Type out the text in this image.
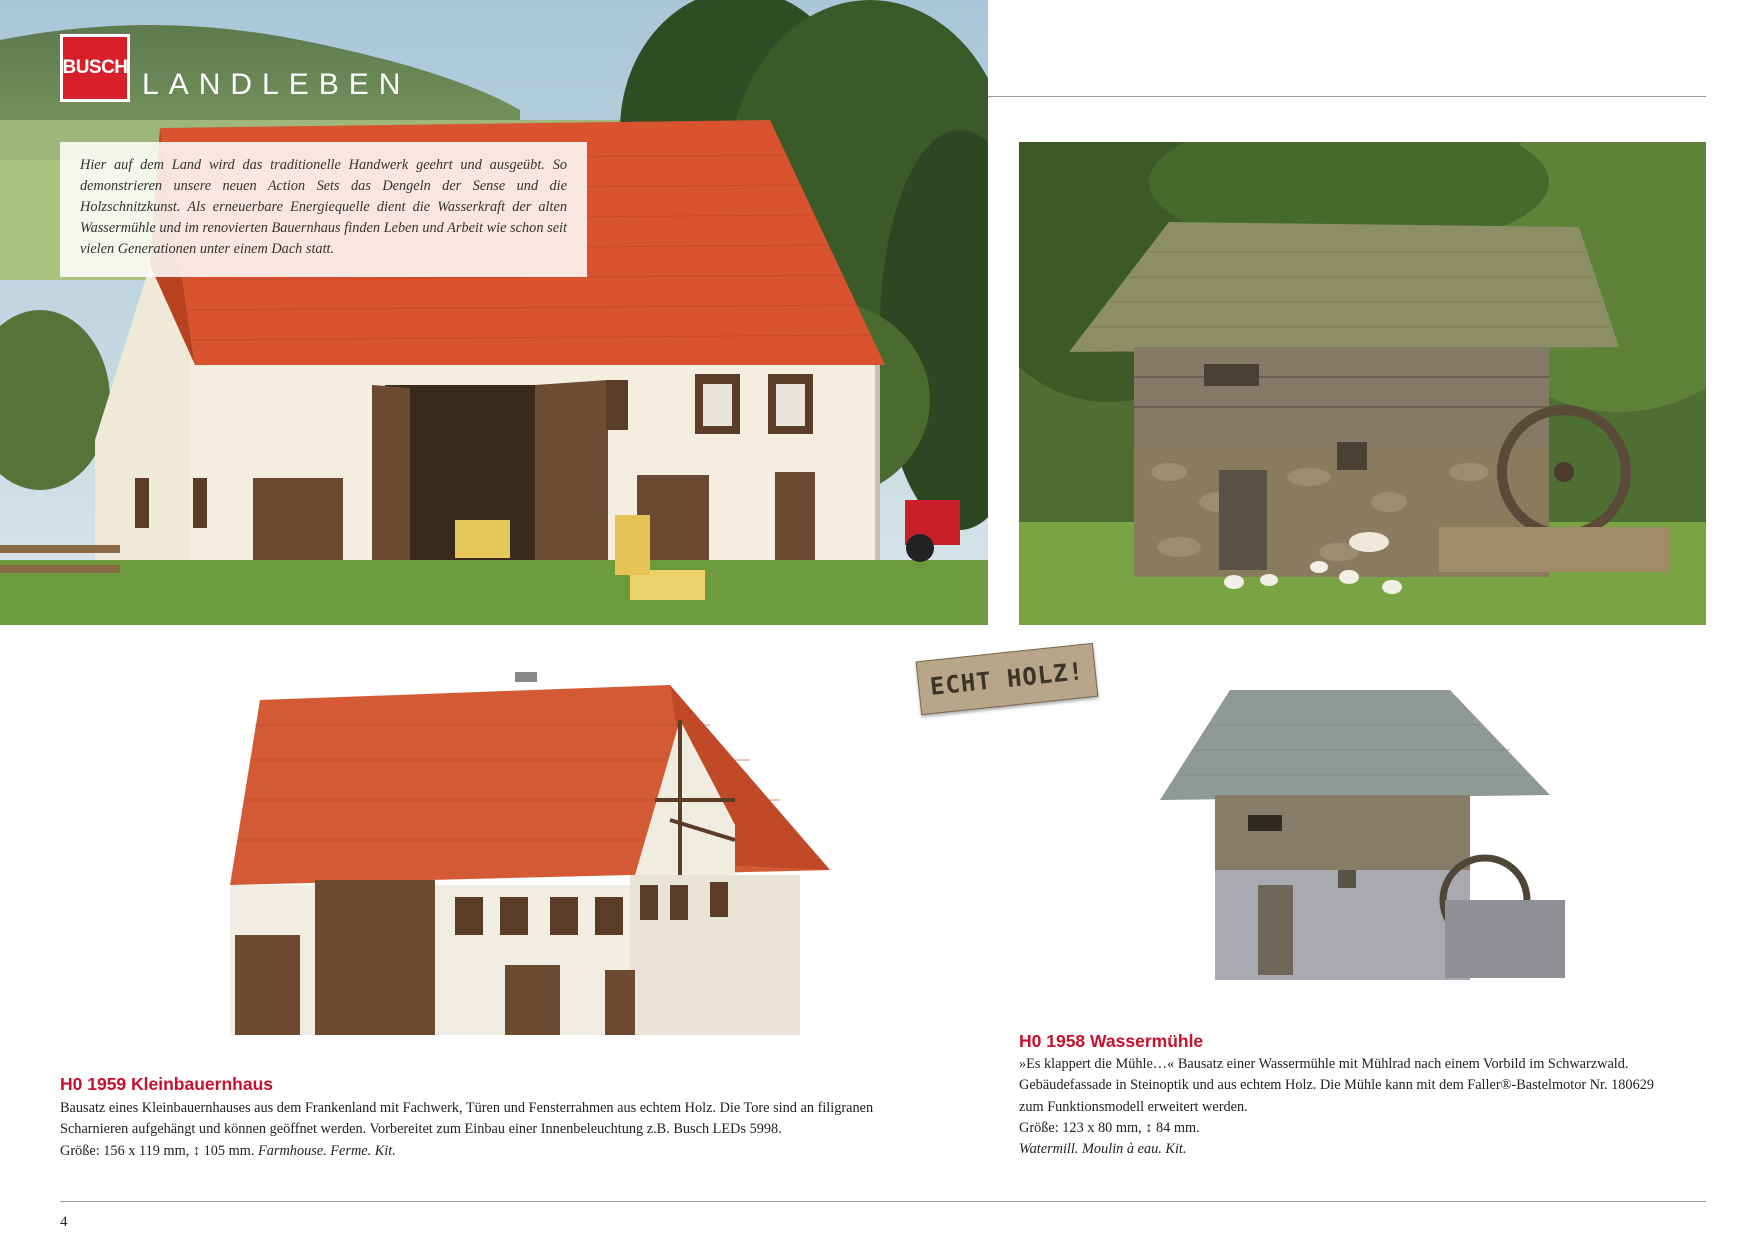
BUSCH
LANDLEBEN
Hier auf dem Land wird das traditionelle Handwerk geehrt und ausgeübt. So demonstrieren unsere neuen Action Sets das Dengeln der Sense und die Holzschnitzkunst. Als erneuerbare Energiequelle dient die Wasserkraft der alten Wassermühle und im renovierten Bauernhaus finden Leben und Arbeit wie schon seit vielen Generationen unter einem Dach statt.
ECHT HOLZ!
H0 1959 Kleinbauernhaus
Bausatz eines Kleinbauernhauses aus dem Frankenland mit Fachwerk, Türen und Fensterrahmen aus echtem Holz. Die Tore sind an filigranen
Scharnieren aufgehängt und können geöffnet werden. Vorbereitet zum Einbau einer Innenbeleuchtung z.B. Busch LEDs 5998.
Größe: 156 x 119 mm, ↕ 105 mm. Farmhouse. Ferme. Kit.
H0 1958 Wassermühle
»Es klappert die Mühle…« Bausatz einer Wassermühle mit Mühlrad nach einem Vorbild im Schwarzwald.
Gebäudefassade in Steinoptik und aus echtem Holz. Die Mühle kann mit dem Faller®-Bastelmotor Nr. 180629
zum Funktionsmodell erweitert werden.
Größe: 123 x 80 mm, ↕ 84 mm.
Watermill. Moulin à eau. Kit.
4
